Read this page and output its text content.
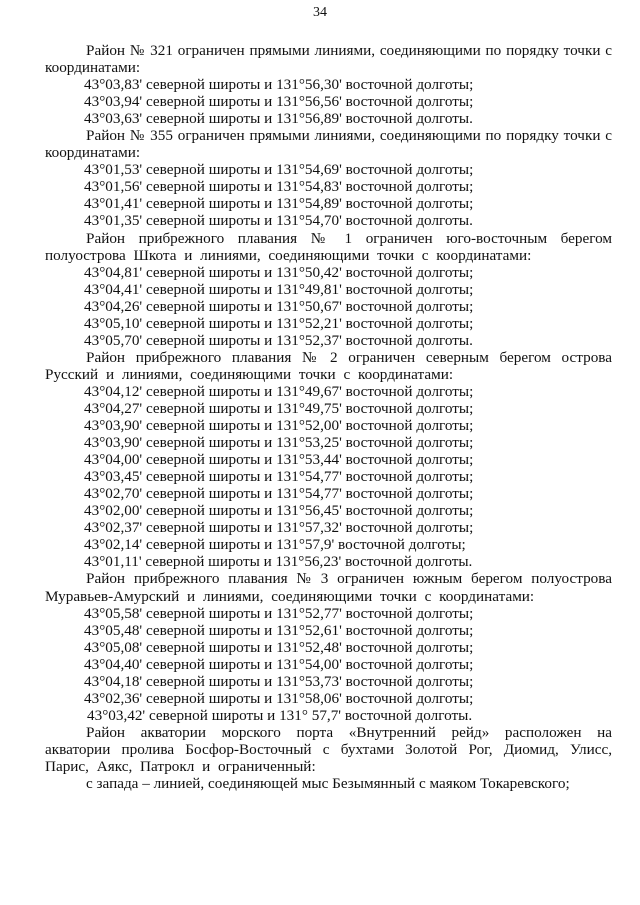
34

Район № 321 ограничен прямыми линиями, соединяющими по порядку точки с координатами:

43°03,83' северной широты и 131°56,30' восточной долготы;

43°03,94' северной широты и 131°56,56' восточной долготы;

43°03,63' северной широты и 131°56,89' восточной долготы.

Район № 355 ограничен прямыми линиями, соединяющими по порядку точки с координатами:

43°01,53' северной широты и 131°54,69' восточной долготы;

43°01,56' северной широты и 131°54,83' восточной долготы;

43°01,41' северной широты и 131°54,89' восточной долготы;

43°01,35' северной широты и 131°54,70' восточной долготы.

Район прибрежного плавания № 1 ограничен юго-восточным берегом полуострова Шкота и линиями, соединяющими точки с координатами:

43°04,81' северной широты и 131°50,42' восточной долготы;

43°04,41' северной широты и 131°49,81' восточной долготы;

43°04,26' северной широты и 131°50,67' восточной долготы;

43°05,10' северной широты и 131°52,21' восточной долготы;

43°05,70' северной широты и 131°52,37' восточной долготы.

Район прибрежного плавания № 2 ограничен северным берегом острова Русский и линиями, соединяющими точки с координатами:

43°04,12' северной широты и 131°49,67' восточной долготы;

43°04,27' северной широты и 131°49,75' восточной долготы;

43°03,90' северной широты и 131°52,00' восточной долготы;

43°03,90' северной широты и 131°53,25' восточной долготы;

43°04,00' северной широты и 131°53,44' восточной долготы;

43°03,45' северной широты и 131°54,77' восточной долготы;

43°02,70' северной широты и 131°54,77' восточной долготы;

43°02,00' северной широты и 131°56,45' восточной долготы;

43°02,37' северной широты и 131°57,32' восточной долготы;

43°02,14' северной широты и 131°57,9' восточной долготы;

43°01,11' северной широты и 131°56,23' восточной долготы.

Район прибрежного плавания № 3 ограничен южным берегом полуострова Муравьев-Амурский и линиями, соединяющими точки с координатами:

43°05,58' северной широты и 131°52,77' восточной долготы;

43°05,48' северной широты и 131°52,61' восточной долготы;

43°05,08' северной широты и 131°52,48' восточной долготы;

43°04,40' северной широты и 131°54,00' восточной долготы;

43°04,18' северной широты и 131°53,73' восточной долготы;

43°02,36' северной широты и 131°58,06' восточной долготы;

43°03,42' северной широты и 131° 57,7' восточной долготы.

Район акватории морского порта «Внутренний рейд» расположен на акватории пролива Босфор-Восточный с бухтами Золотой Рог, Диомид, Улисс, Парис, Аякс, Патрокл и ограниченный:

с запада – линией, соединяющей мыс Безымянный с маяком Токаревского;
